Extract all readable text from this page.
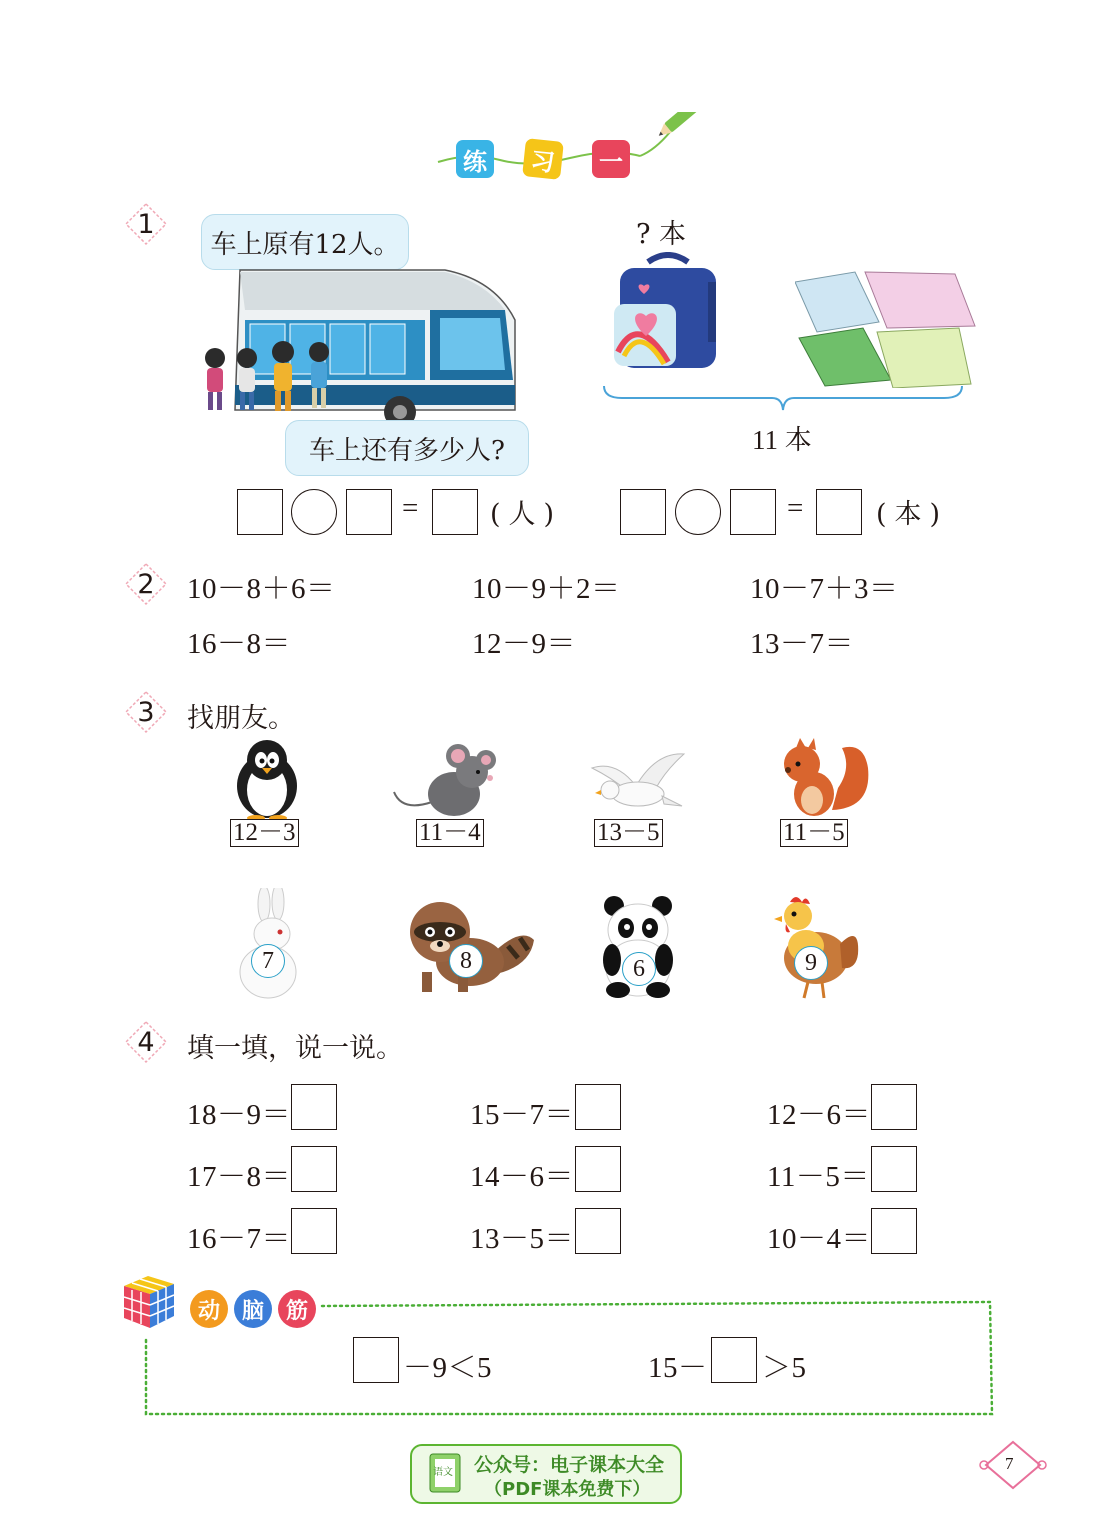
练	习	一
1
车上原有12人。
车上还有多少人?
? 本
11 本
=	(人)	=	(本)
2	10－8＋6＝	10－9＋2＝	10－7＋3＝
16－8＝	12－9＝	13－7＝
3	找朋友。
12－3	11－4	13－5	11－5
7	8	6	9
4	填一填，说一说。
18－9＝	15－7＝	12－6＝
17－8＝	14－6＝	11－5＝
16－7＝	13－5＝	10－4＝
动 脑 筋
－9＜5	15－ ＞5
语文 公众号：电子课本大全
（PDF课本免费下）
7
